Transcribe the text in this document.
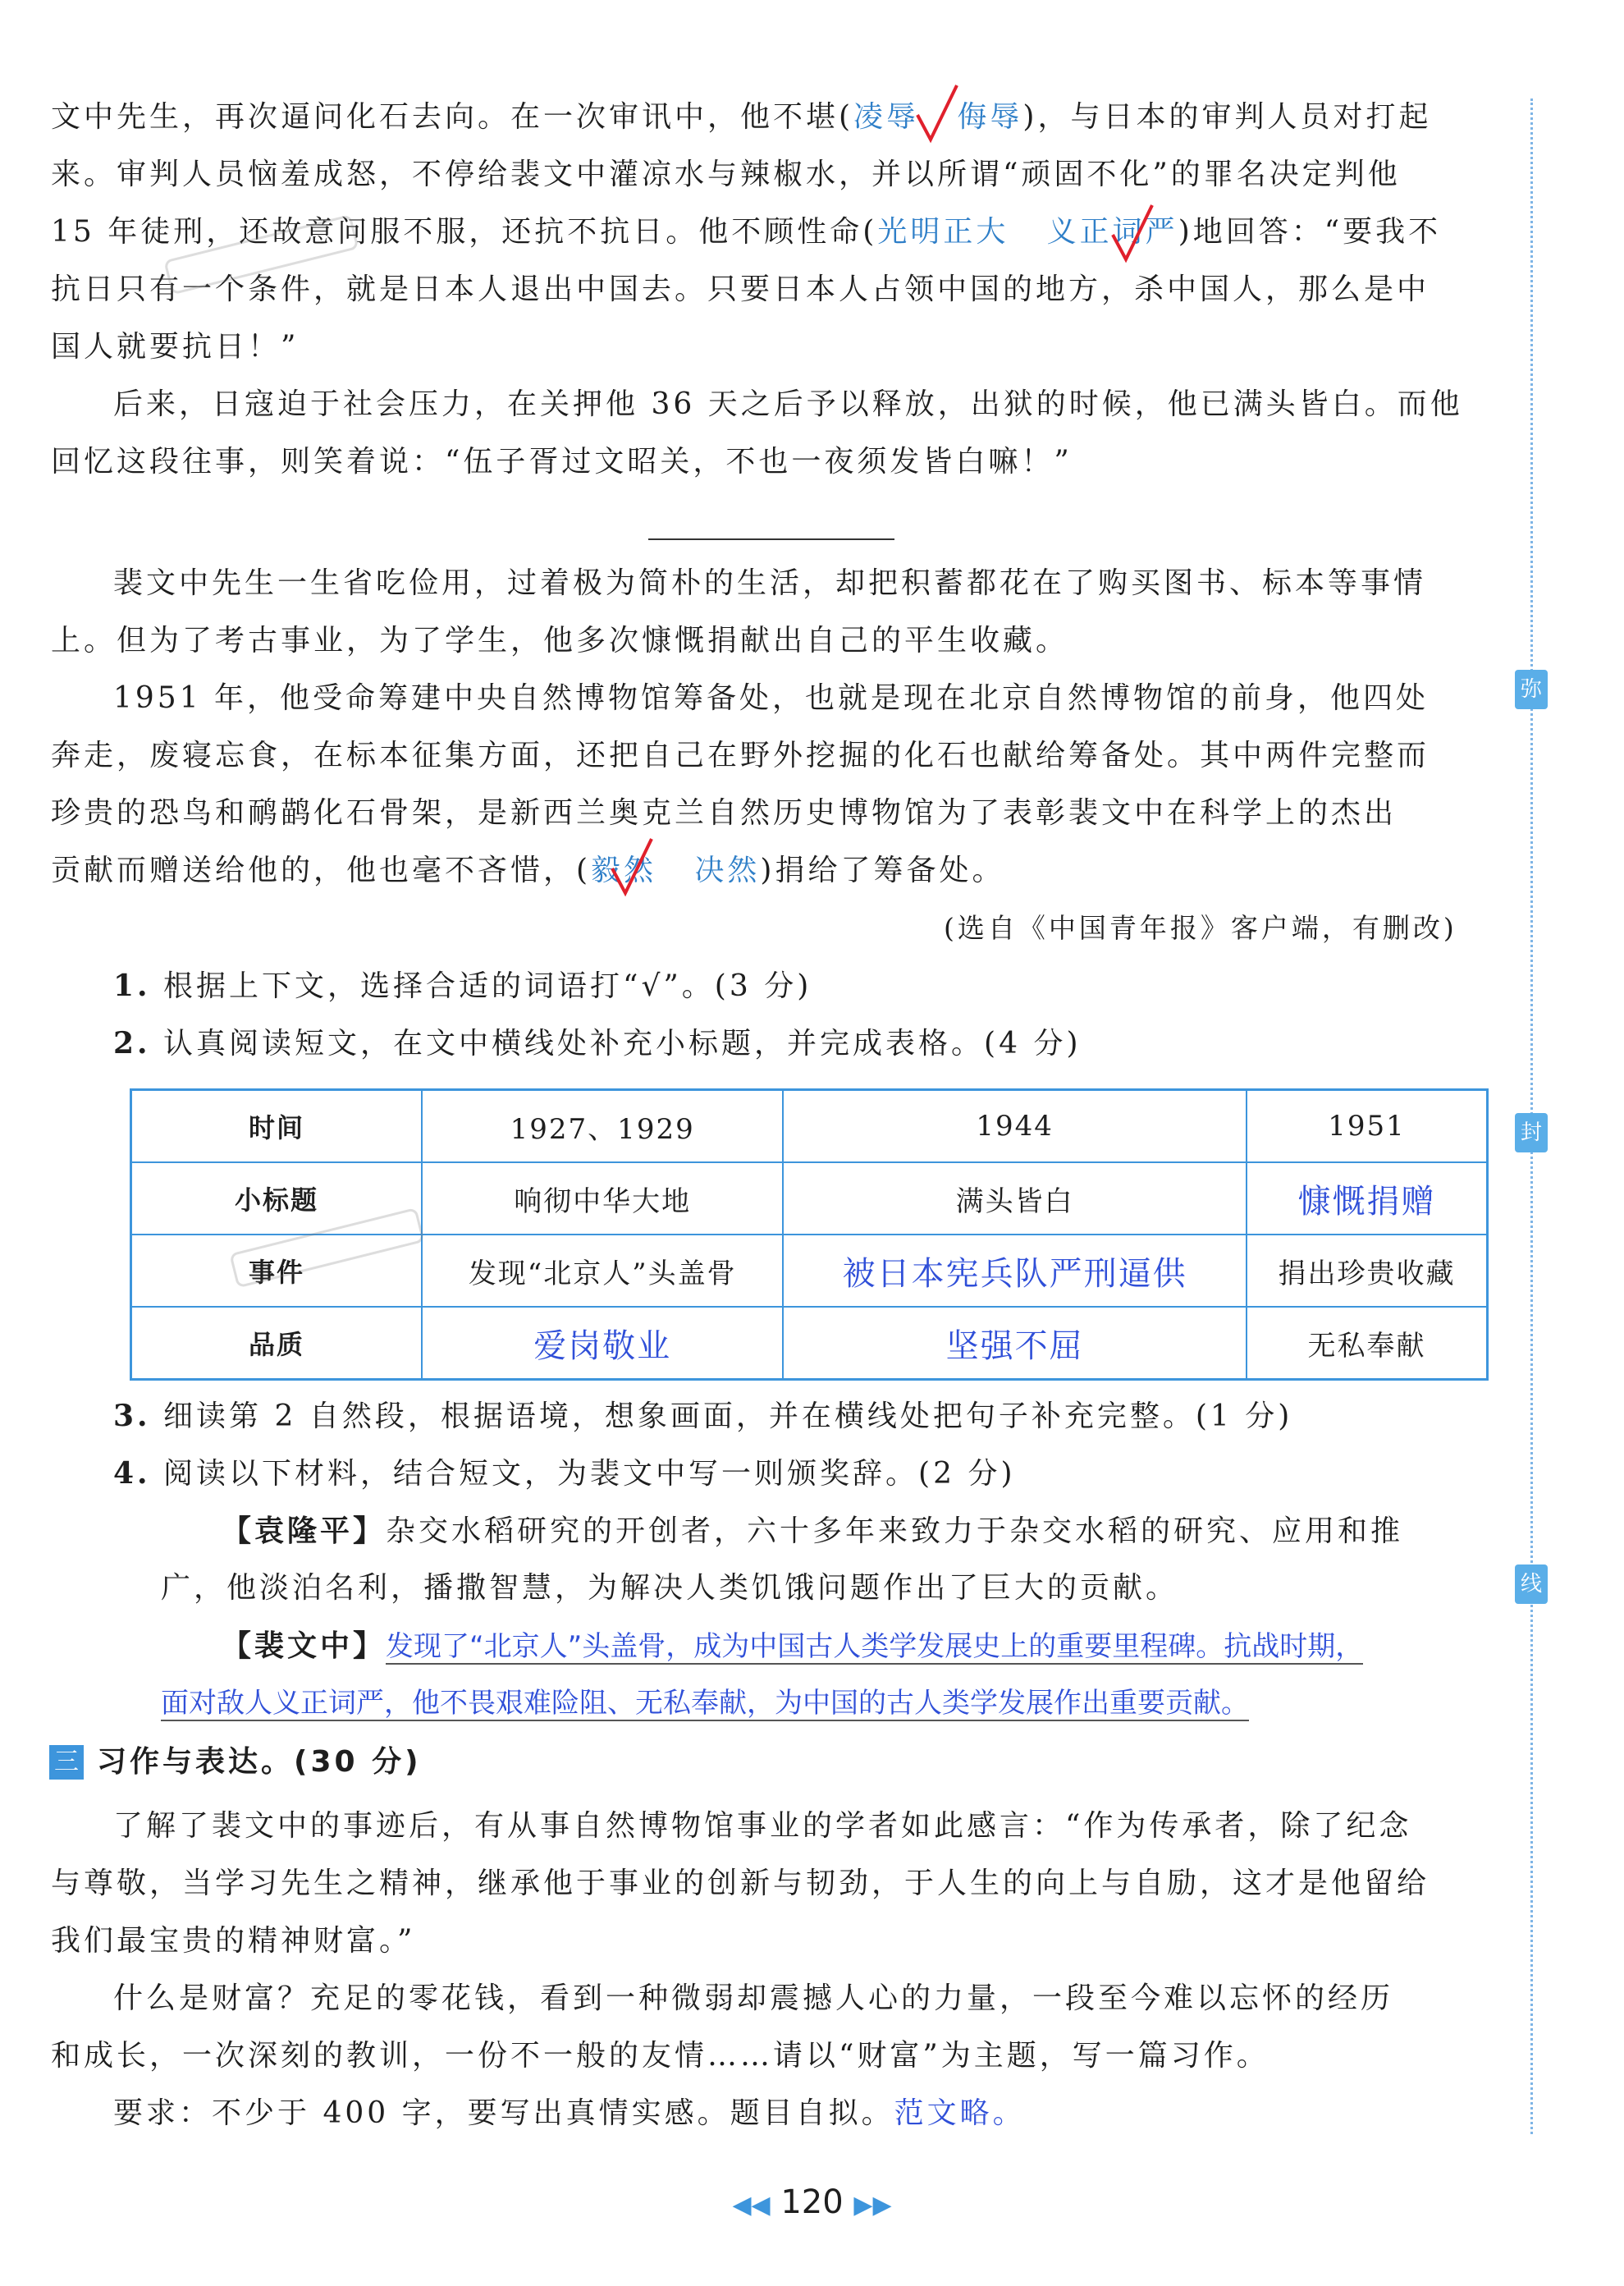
文中先生，再次逼问化石去向。在一次审讯中，他不堪(凌辱 侮辱)，与日本的审判人员对打起
来。审判人员恼羞成怒，不停给裴文中灌凉水与辣椒水，并以所谓“顽固不化”的罪名决定判他
15 年徒刑，还故意问服不服，还抗不抗日。他不顾性命(光明正大 义正词严)地回答：“要我不
抗日只有一个条件，就是日本人退出中国去。只要日本人占领中国的地方，杀中国人，那么是中
国人就要抗日！”
后来，日寇迫于社会压力，在关押他 36 天之后予以释放，出狱的时候，他已满头皆白。而他
回忆这段往事，则笑着说：“伍子胥过文昭关，不也一夜须发皆白嘛！”
裴文中先生一生省吃俭用，过着极为简朴的生活，却把积蓄都花在了购买图书、标本等事情
上。但为了考古事业，为了学生，他多次慷慨捐献出自己的平生收藏。
1951 年，他受命筹建中央自然博物馆筹备处，也就是现在北京自然博物馆的前身，他四处
奔走，废寝忘食，在标本征集方面，还把自己在野外挖掘的化石也献给筹备处。其中两件完整而
珍贵的恐鸟和鸸鹋化石骨架，是新西兰奥克兰自然历史博物馆为了表彰裴文中在科学上的杰出
贡献而赠送给他的，他也毫不吝惜，(毅然 决然)捐给了筹备处。
(选自《中国青年报》客户端，有删改)
1. 根据上下文，选择合适的词语打“√”。(3 分)
2. 认真阅读短文，在文中横线处补充小标题，并完成表格。(4 分)
时间	1927、1929	1944	1951
小标题	响彻中华大地	满头皆白	慷慨捐赠
事件	发现“北京人”头盖骨	被日本宪兵队严刑逼供	捐出珍贵收藏
品质	爱岗敬业	坚强不屈	无私奉献
3. 细读第 2 自然段，根据语境，想象画面，并在横线处把句子补充完整。(1 分)
4. 阅读以下材料，结合短文，为裴文中写一则颁奖辞。(2 分)
【袁隆平】杂交水稻研究的开创者，六十多年来致力于杂交水稻的研究、应用和推
广，他淡泊名利，播撒智慧，为解决人类饥饿问题作出了巨大的贡献。
【裴文中】发现了“北京人”头盖骨，成为中国古人类学发展史上的重要里程碑。抗战时期，
面对敌人义正词严，他不畏艰难险阻、无私奉献，为中国的古人类学发展作出重要贡献。
三 习作与表达。(30 分)
了解了裴文中的事迹后，有从事自然博物馆事业的学者如此感言：“作为传承者，除了纪念
与尊敬，当学习先生之精神，继承他于事业的创新与韧劲，于人生的向上与自励，这才是他留给
我们最宝贵的精神财富。”
什么是财富？充足的零花钱，看到一种微弱却震撼人心的力量，一段至今难以忘怀的经历
和成长，一次深刻的教训，一份不一般的友情……请以“财富”为主题，写一篇习作。
要求：不少于 400 字，要写出真情实感。题目自拟。范文略。
弥
封
线
◀◀ 120 ▶▶
